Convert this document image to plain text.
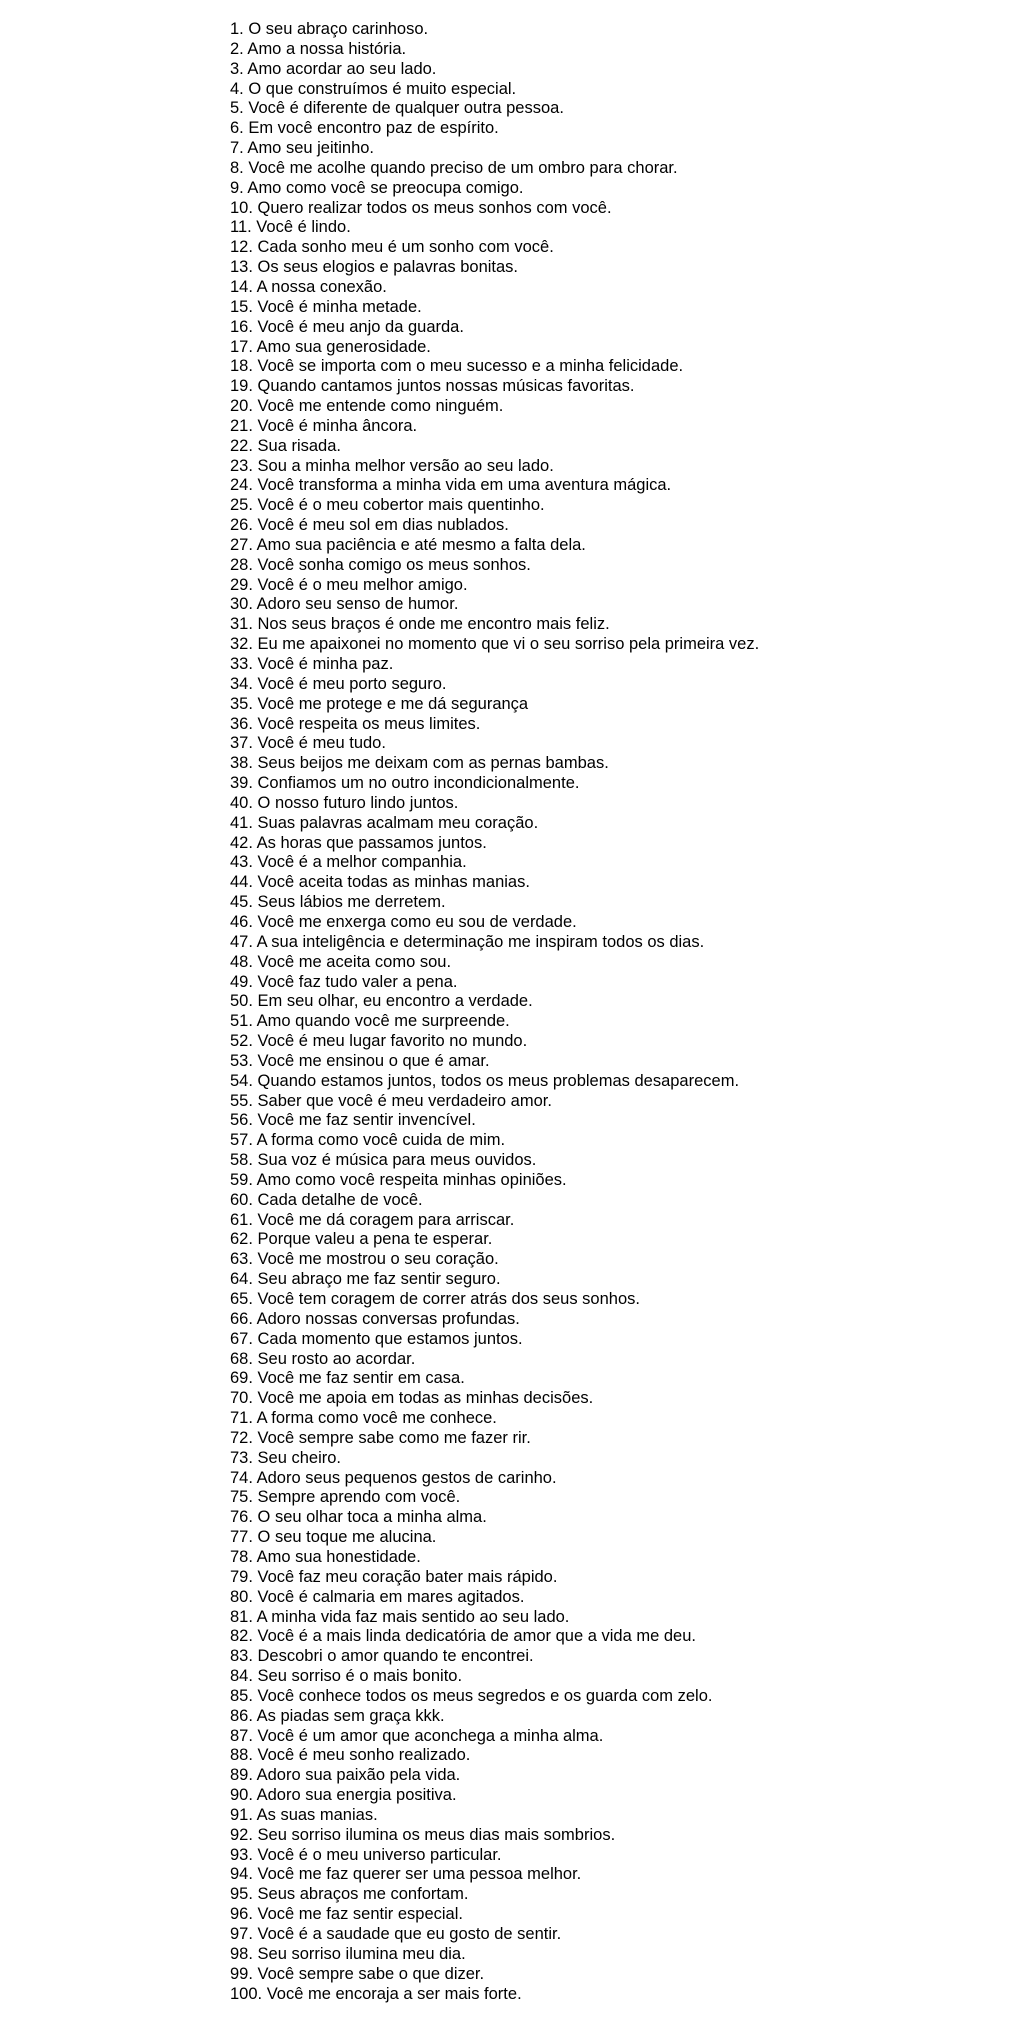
1. O seu abraço carinhoso.
2. Amo a nossa história.
3. Amo acordar ao seu lado.
4. O que construímos é muito especial.
5. Você é diferente de qualquer outra pessoa.
6. Em você encontro paz de espírito.
7. Amo seu jeitinho.
8. Você me acolhe quando preciso de um ombro para chorar.
9. Amo como você se preocupa comigo.
10. Quero realizar todos os meus sonhos com você.
11. Você é lindo.
12. Cada sonho meu é um sonho com você.
13. Os seus elogios e palavras bonitas.
14. A nossa conexão.
15. Você é minha metade.
16. Você é meu anjo da guarda.
17. Amo sua generosidade.
18. Você se importa com o meu sucesso e a minha felicidade.
19. Quando cantamos juntos nossas músicas favoritas.
20. Você me entende como ninguém.
21. Você é minha âncora.
22. Sua risada.
23. Sou a minha melhor versão ao seu lado.
24. Você transforma a minha vida em uma aventura mágica.
25. Você é o meu cobertor mais quentinho.
26. Você é meu sol em dias nublados.
27. Amo sua paciência e até mesmo a falta dela.
28. Você sonha comigo os meus sonhos.
29. Você é o meu melhor amigo.
30. Adoro seu senso de humor.
31. Nos seus braços é onde me encontro mais feliz.
32. Eu me apaixonei no momento que vi o seu sorriso pela primeira vez.
33. Você é minha paz.
34. Você é meu porto seguro.
35. Você me protege e me dá segurança
36. Você respeita os meus limites.
37. Você é meu tudo.
38. Seus beijos me deixam com as pernas bambas.
39. Confiamos um no outro incondicionalmente.
40. O nosso futuro lindo juntos.
41. Suas palavras acalmam meu coração.
42. As horas que passamos juntos.
43. Você é a melhor companhia.
44. Você aceita todas as minhas manias.
45. Seus lábios me derretem.
46. Você me enxerga como eu sou de verdade.
47. A sua inteligência e determinação me inspiram todos os dias.
48. Você me aceita como sou.
49. Você faz tudo valer a pena.
50. Em seu olhar, eu encontro a verdade.
51. Amo quando você me surpreende.
52. Você é meu lugar favorito no mundo.
53. Você me ensinou o que é amar.
54. Quando estamos juntos, todos os meus problemas desaparecem.
55. Saber que você é meu verdadeiro amor.
56. Você me faz sentir invencível.
57. A forma como você cuida de mim.
58. Sua voz é música para meus ouvidos.
59. Amo como você respeita minhas opiniões.
60. Cada detalhe de você.
61. Você me dá coragem para arriscar.
62. Porque valeu a pena te esperar.
63. Você me mostrou o seu coração.
64. Seu abraço me faz sentir seguro.
65. Você tem coragem de correr atrás dos seus sonhos.
66. Adoro nossas conversas profundas.
67. Cada momento que estamos juntos.
68. Seu rosto ao acordar.
69. Você me faz sentir em casa.
70. Você me apoia em todas as minhas decisões.
71. A forma como você me conhece.
72. Você sempre sabe como me fazer rir.
73. Seu cheiro.
74. Adoro seus pequenos gestos de carinho.
75. Sempre aprendo com você.
76. O seu olhar toca a minha alma.
77. O seu toque me alucina.
78. Amo sua honestidade.
79. Você faz meu coração bater mais rápido.
80. Você é calmaria em mares agitados.
81. A minha vida faz mais sentido ao seu lado.
82. Você é a mais linda dedicatória de amor que a vida me deu.
83. Descobri o amor quando te encontrei.
84. Seu sorriso é o mais bonito.
85. Você conhece todos os meus segredos e os guarda com zelo.
86. As piadas sem graça kkk.
87. Você é um amor que aconchega a minha alma.
88. Você é meu sonho realizado.
89. Adoro sua paixão pela vida.
90. Adoro sua energia positiva.
91. As suas manias.
92. Seu sorriso ilumina os meus dias mais sombrios.
93. Você é o meu universo particular.
94. Você me faz querer ser uma pessoa melhor.
95. Seus abraços me confortam.
96. Você me faz sentir especial.
97. Você é a saudade que eu gosto de sentir.
98. Seu sorriso ilumina meu dia.
99. Você sempre sabe o que dizer.
100. Você me encoraja a ser mais forte.
